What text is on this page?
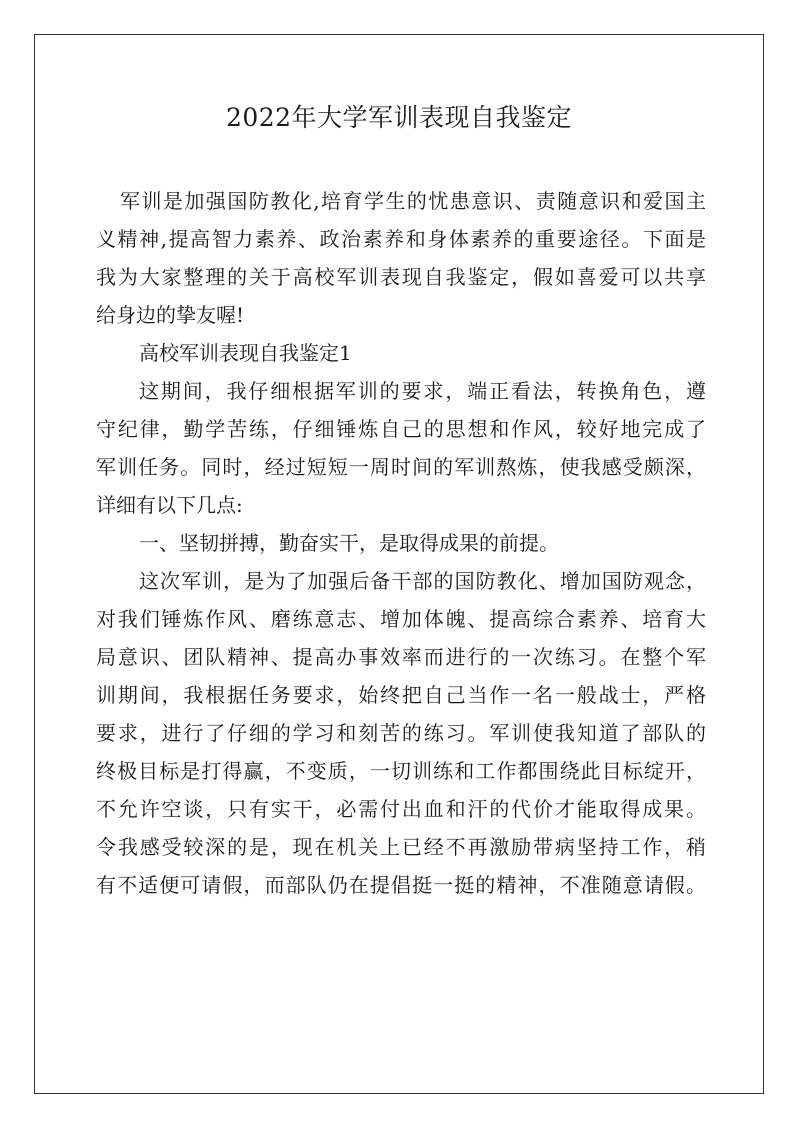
2022年大学军训表现自我鉴定
军训是加强国防教化,培育学生的忧患意识、责随意识和爱国主
义精神,提高智力素养、政治素养和身体素养的重要途径。下面是
我为大家整理的关于高校军训表现自我鉴定，假如喜爱可以共享
给身边的挚友喔!
高校军训表现自我鉴定1
这期间，我仔细根据军训的要求，端正看法，转换角色，遵
守纪律，勤学苦练，仔细锤炼自己的思想和作风，较好地完成了
军训任务。同时，经过短短一周时间的军训熬炼，使我感受颇深，
详细有以下几点:
一、坚韧拼搏，勤奋实干，是取得成果的前提。
这次军训，是为了加强后备干部的国防教化、增加国防观念，
对我们锤炼作风、磨练意志、增加体魄、提高综合素养、培育大
局意识、团队精神、提高办事效率而进行的一次练习。在整个军
训期间，我根据任务要求，始终把自己当作一名一般战士，严格
要求，进行了仔细的学习和刻苦的练习。军训使我知道了部队的
终极目标是打得赢，不变质，一切训练和工作都围绕此目标绽开，
不允许空谈，只有实干，必需付出血和汗的代价才能取得成果。
令我感受较深的是，现在机关上已经不再激励带病坚持工作，稍
有不适便可请假，而部队仍在提倡挺一挺的精神，不准随意请假。
